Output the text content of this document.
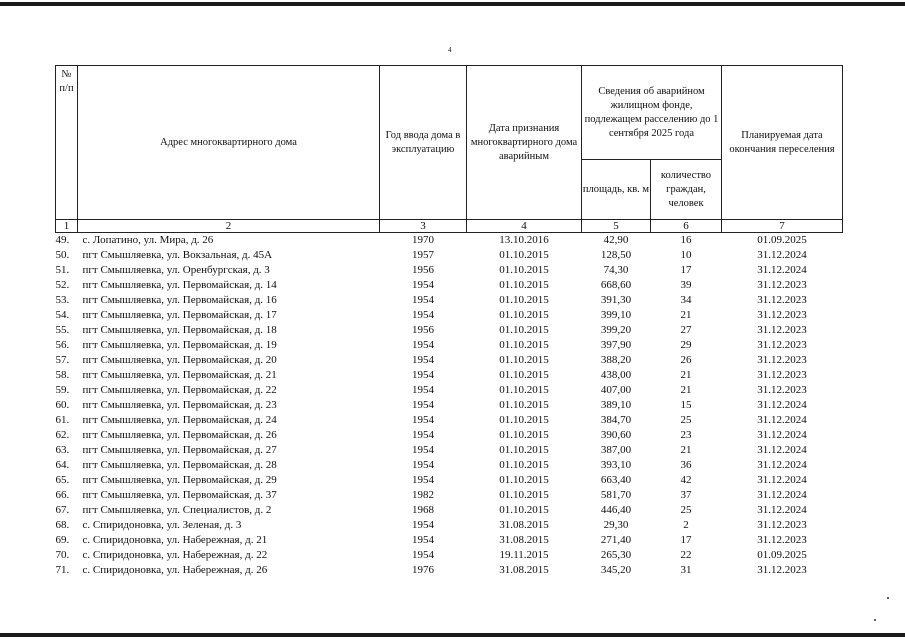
4
№ п/п	Адрес многоквартирного дома	Год ввода дома в эксплуатацию	Дата признания многоквартирного дома аварийным	Сведения об аварийном жилищном фонде, подлежащем расселению до 1 сентября 2025 года		Планируемая дата окончания переселения
				площадь, кв. м	количество граждан, человек	
1	2	3	4	5	6	7
49.	с. Лопатино, ул. Мира, д. 26	1970	13.10.2016	42,90	16	01.09.2025
50.	пгт Смышляевка, ул. Вокзальная, д. 45А	1957	01.10.2015	128,50	10	31.12.2024
51.	пгт Смышляевка, ул. Оренбургская, д. 3	1956	01.10.2015	74,30	17	31.12.2024
52.	пгт Смышляевка, ул. Первомайская, д. 14	1954	01.10.2015	668,60	39	31.12.2023
53.	пгт Смышляевка, ул. Первомайская, д. 16	1954	01.10.2015	391,30	34	31.12.2023
54.	пгт Смышляевка, ул. Первомайская, д. 17	1954	01.10.2015	399,10	21	31.12.2023
55.	пгт Смышляевка, ул. Первомайская, д. 18	1956	01.10.2015	399,20	27	31.12.2023
56.	пгт Смышляевка, ул. Первомайская, д. 19	1954	01.10.2015	397,90	29	31.12.2023
57.	пгт Смышляевка, ул. Первомайская, д. 20	1954	01.10.2015	388,20	26	31.12.2023
58.	пгт Смышляевка, ул. Первомайская, д. 21	1954	01.10.2015	438,00	21	31.12.2023
59.	пгт Смышляевка, ул. Первомайская, д. 22	1954	01.10.2015	407,00	21	31.12.2023
60.	пгт Смышляевка, ул. Первомайская, д. 23	1954	01.10.2015	389,10	15	31.12.2024
61.	пгт Смышляевка, ул. Первомайская, д. 24	1954	01.10.2015	384,70	25	31.12.2024
62.	пгт Смышляевка, ул. Первомайская, д. 26	1954	01.10.2015	390,60	23	31.12.2024
63.	пгт Смышляевка, ул. Первомайская, д. 27	1954	01.10.2015	387,00	21	31.12.2024
64.	пгт Смышляевка, ул. Первомайская, д. 28	1954	01.10.2015	393,10	36	31.12.2024
65.	пгт Смышляевка, ул. Первомайская, д. 29	1954	01.10.2015	663,40	42	31.12.2024
66.	пгт Смышляевка, ул. Первомайская, д. 37	1982	01.10.2015	581,70	37	31.12.2024
67.	пгт Смышляевка, ул. Специалистов, д. 2	1968	01.10.2015	446,40	25	31.12.2024
68.	с. Спиридоновка, ул. Зеленая, д. 3	1954	31.08.2015	29,30	2	31.12.2023
69.	с. Спиридоновка, ул. Набережная, д. 21	1954	31.08.2015	271,40	17	31.12.2023
70.	с. Спиридоновка, ул. Набережная, д. 22	1954	19.11.2015	265,30	22	01.09.2025
71.	с. Спиридоновка, ул. Набережная, д. 26	1976	31.08.2015	345,20	31	31.12.2023
